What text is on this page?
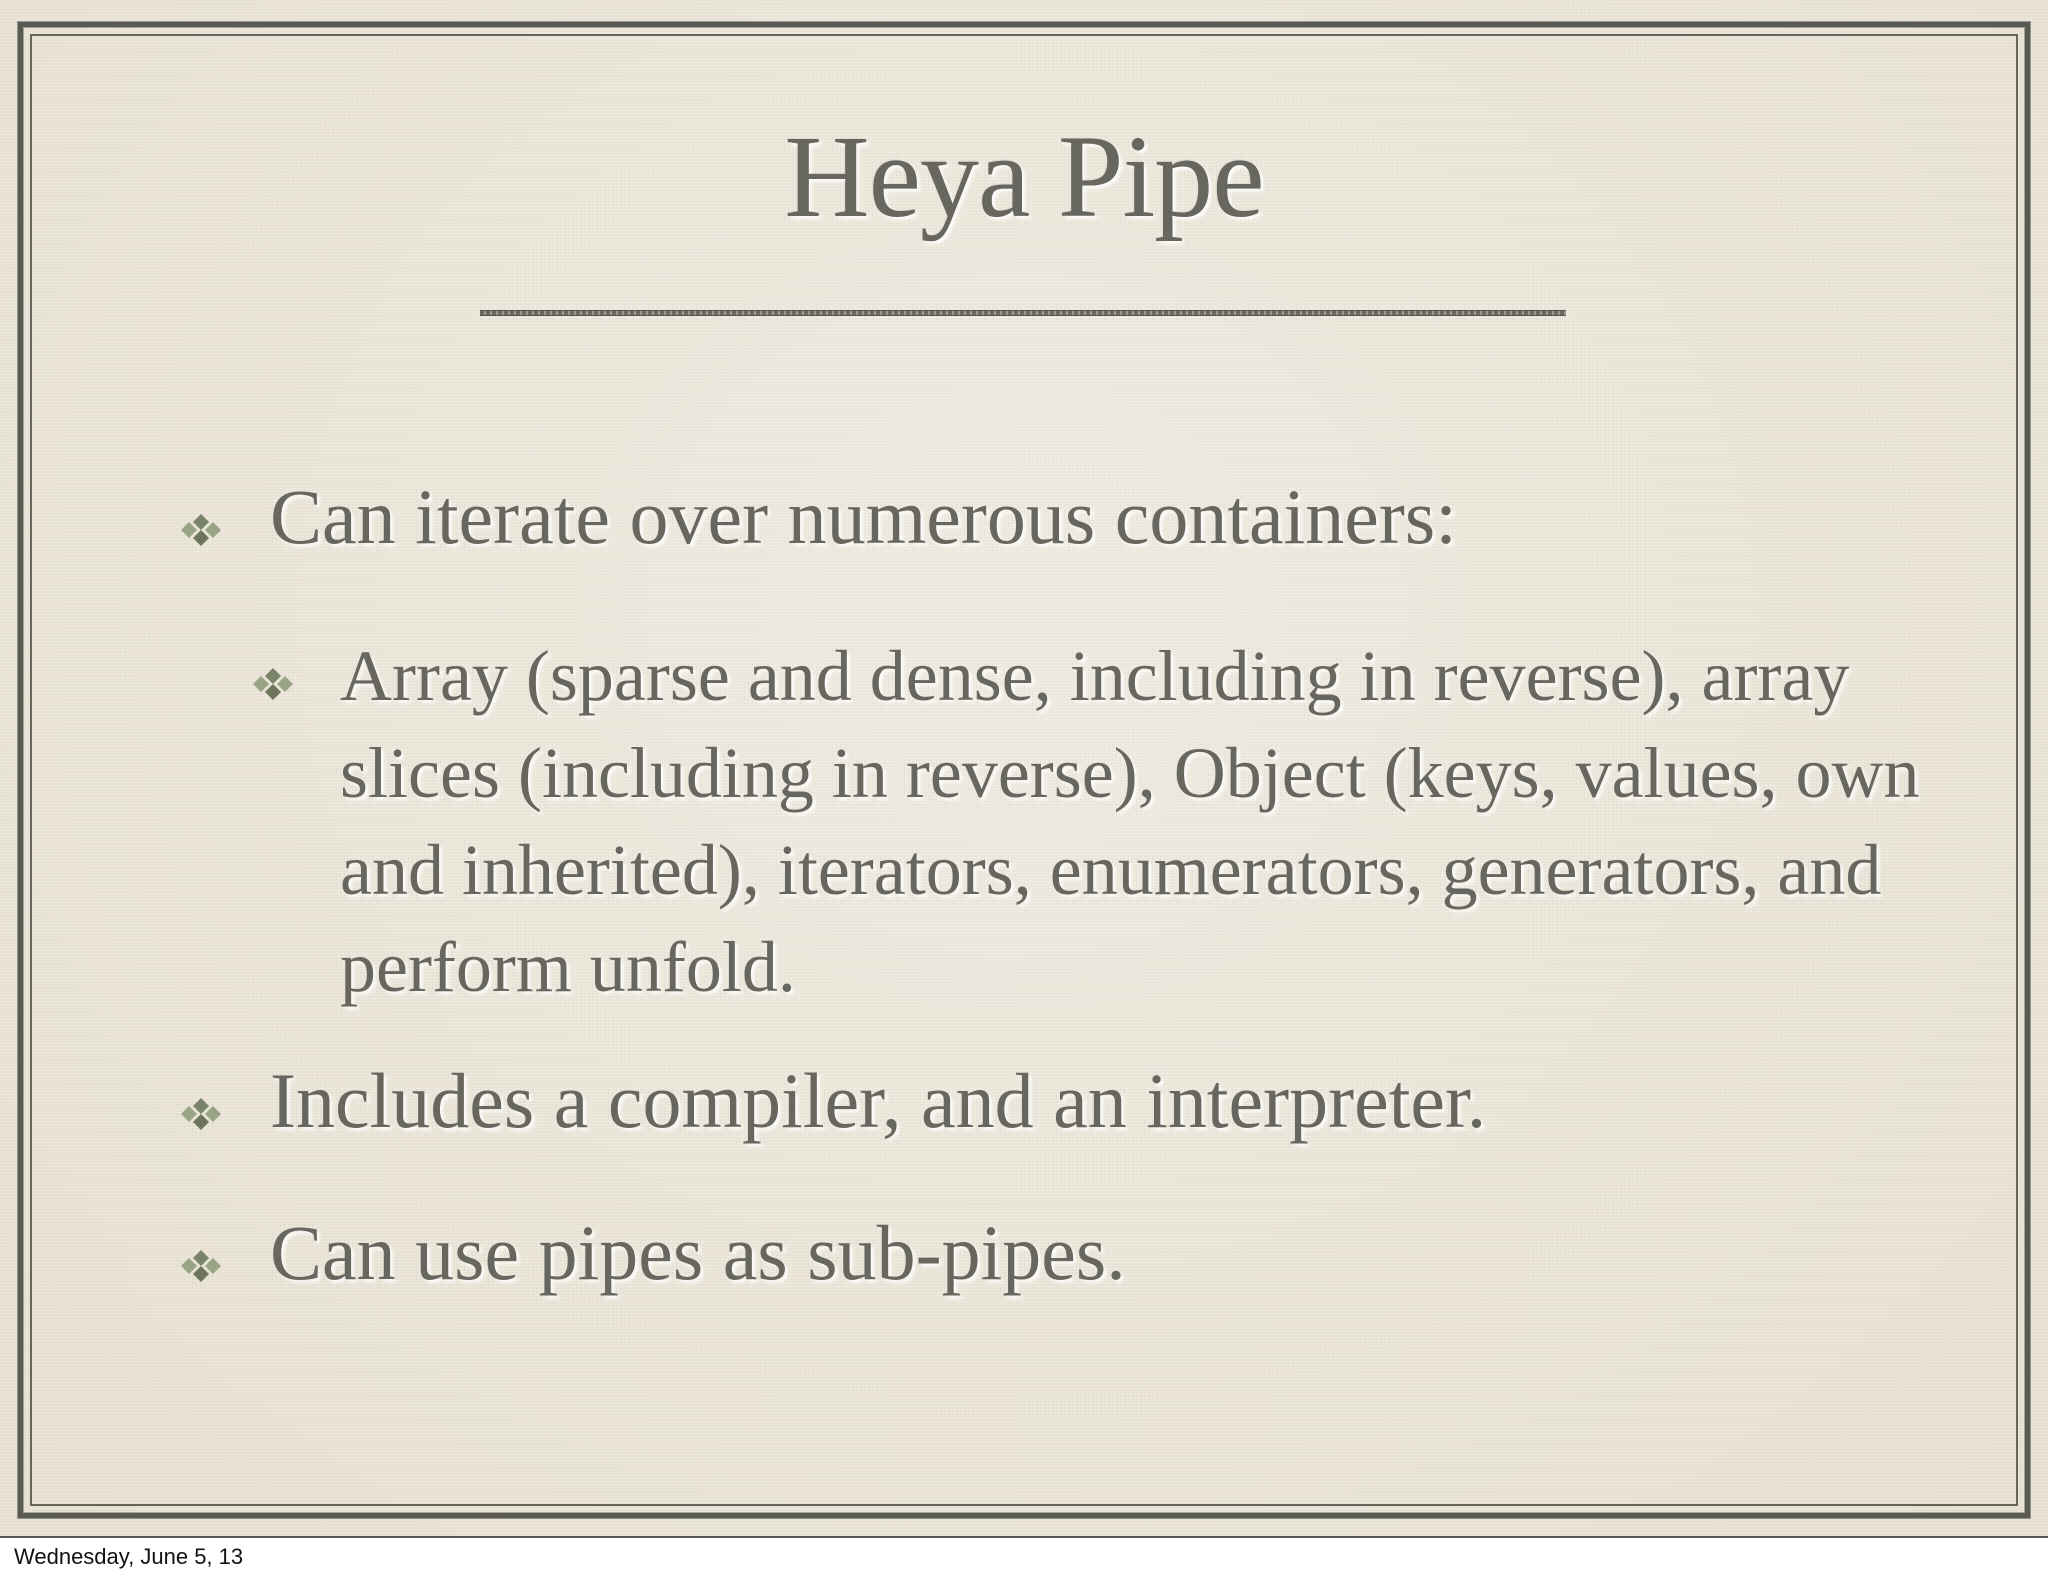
Heya Pipe
Can iterate over numerous containers:
Array (sparse and dense, including in reverse), array slices (including in reverse), Object (keys, values, own and inherited), iterators, enumerators, generators, and perform unfold.
Includes a compiler, and an interpreter.
Can use pipes as sub-pipes.
Wednesday, June 5, 13
